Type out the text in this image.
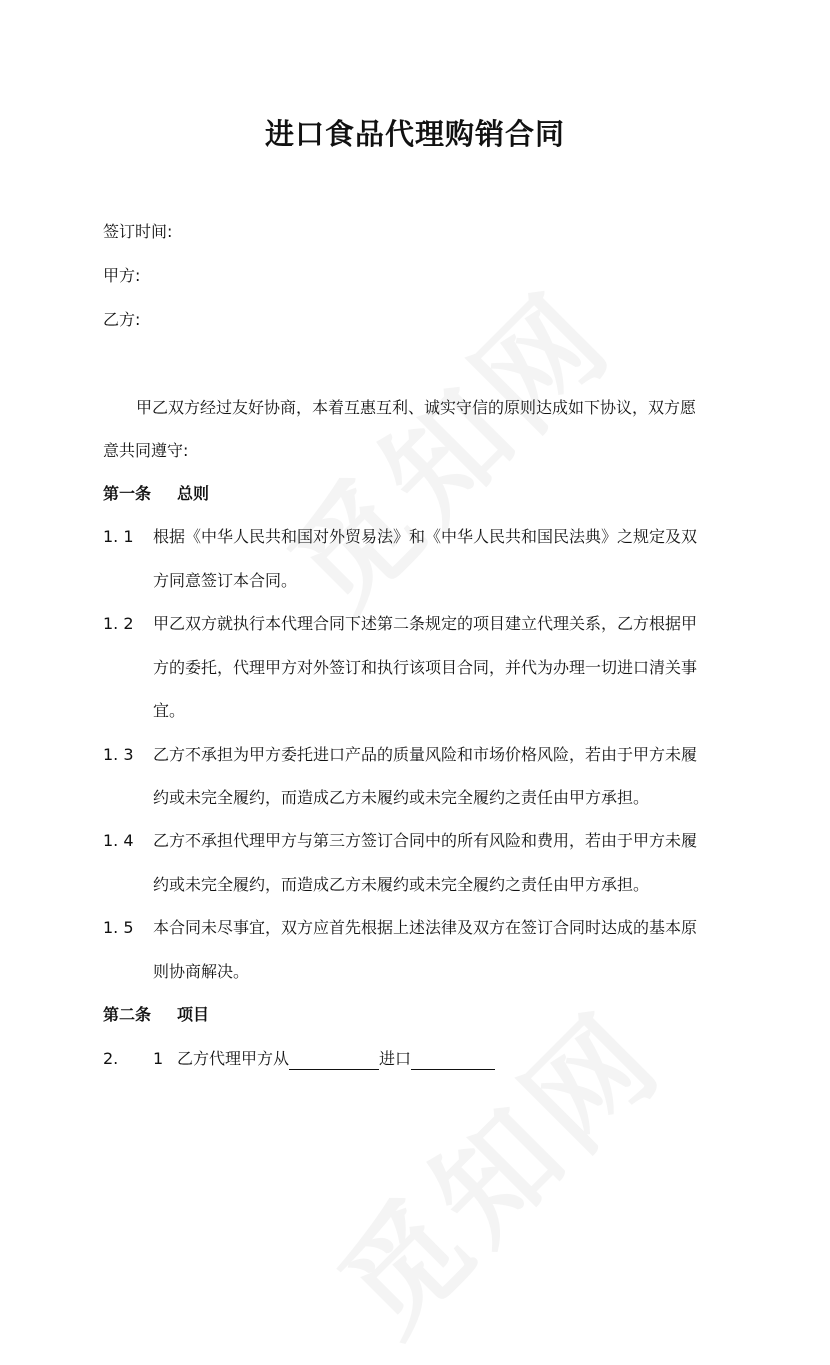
进口食品代理购销合同
签订时间:
甲方:
乙方:
甲乙双方经过友好协商，本着互惠互利、诚实守信的原则达成如下协议，双方愿
意共同遵守:
第一条 总则
1. 1 根据《中华人民共和国对外贸易法》和《中华人民共和国民法典》之规定及双
方同意签订本合同。
1. 2 甲乙双方就执行本代理合同下述第二条规定的项目建立代理关系，乙方根据甲
方的委托，代理甲方对外签订和执行该项目合同，并代为办理一切进口清关事
宜。
1. 3 乙方不承担为甲方委托进口产品的质量风险和市场价格风险，若由于甲方未履
约或未完全履约，而造成乙方未履约或未完全履约之责任由甲方承担。
1. 4 乙方不承担代理甲方与第三方签订合同中的所有风险和费用，若由于甲方未履
约或未完全履约，而造成乙方未履约或未完全履约之责任由甲方承担。
1. 5 本合同未尽事宜，双方应首先根据上述法律及双方在签订合同时达成的基本原
则协商解决。
第二条 项目
2. 1 乙方代理甲方从	进口
